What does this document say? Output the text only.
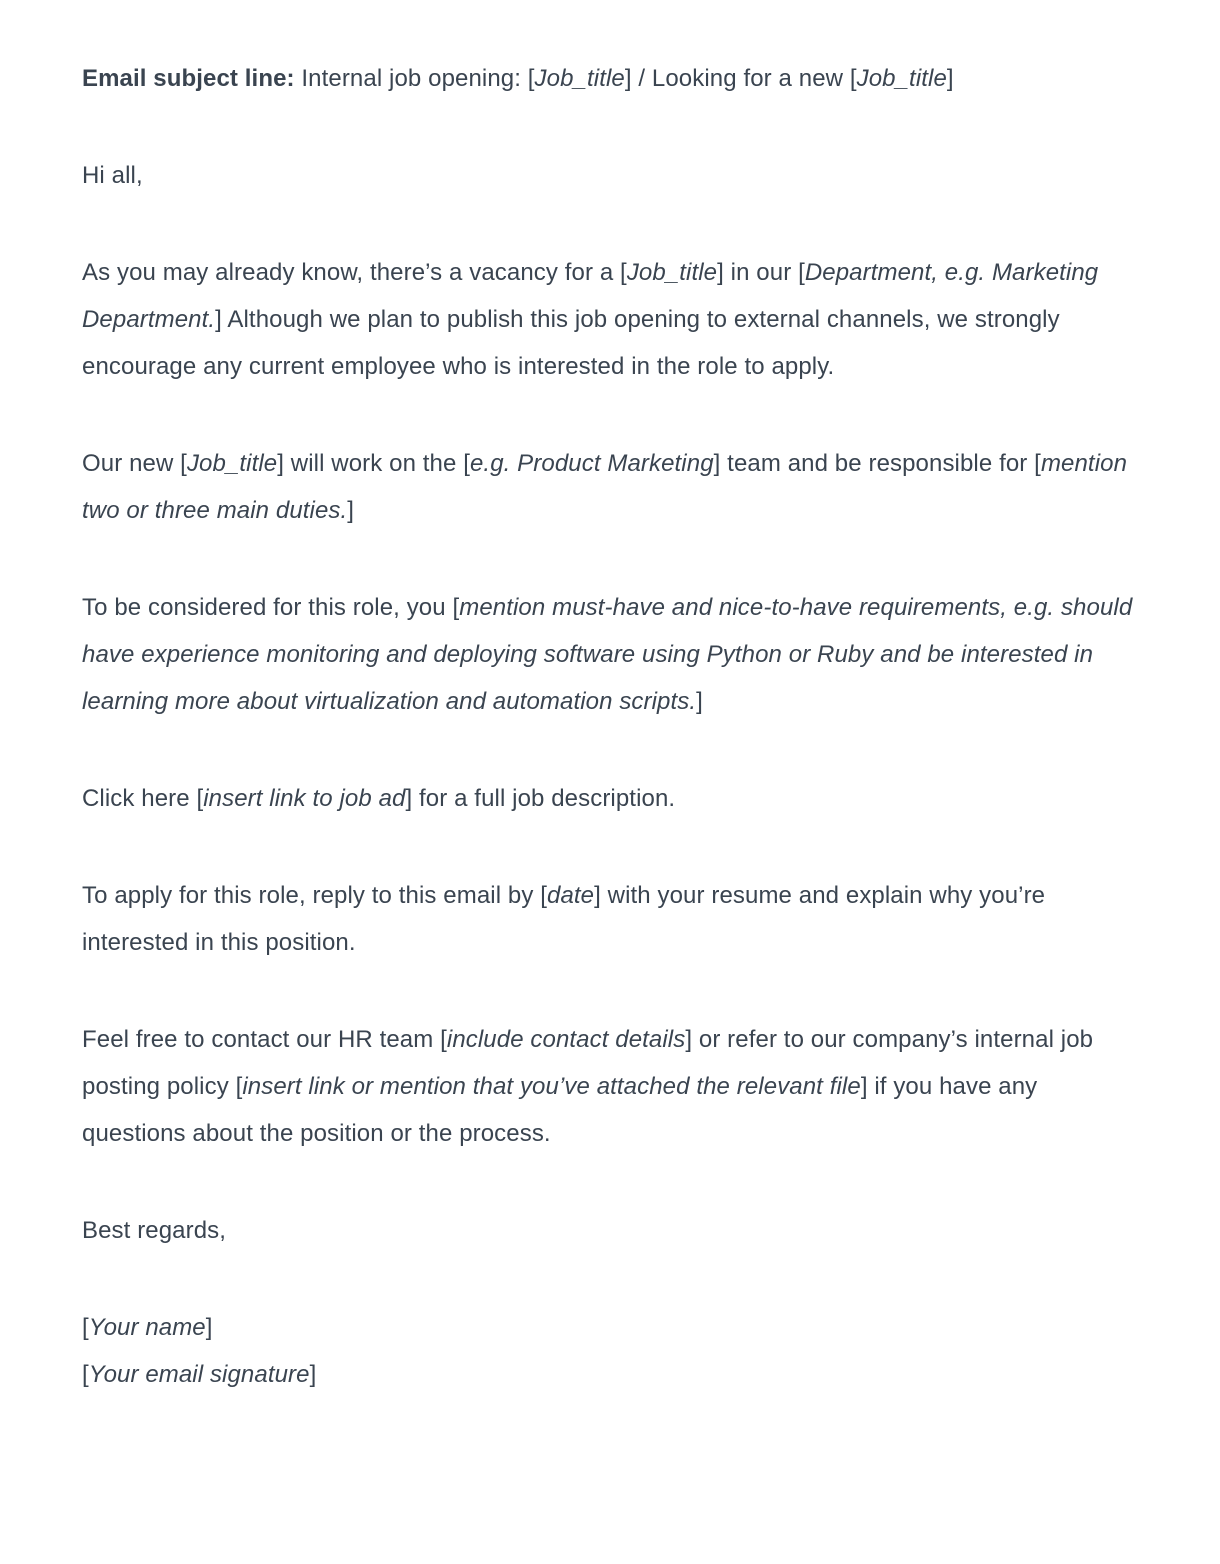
Email subject line: Internal job opening: [Job_title] / Looking for a new [Job_title]

Hi all,

As you may already know, there’s a vacancy for a [Job_title] in our [Department, e.g. Marketing Department.] Although we plan to publish this job opening to external channels, we strongly encourage any current employee who is interested in the role to apply.

Our new [Job_title] will work on the [e.g. Product Marketing] team and be responsible for [mention two or three main duties.]

To be considered for this role, you [mention must-have and nice-to-have requirements, e.g. should have experience monitoring and deploying software using Python or Ruby and be interested in learning more about virtualization and automation scripts.]

Click here [insert link to job ad] for a full job description.

To apply for this role, reply to this email by [date] with your resume and explain why you’re interested in this position.

Feel free to contact our HR team [include contact details] or refer to our company’s internal job posting policy [insert link or mention that you’ve attached the relevant file] if you have any questions about the position or the process.

Best regards,

[Your name]
[Your email signature]
